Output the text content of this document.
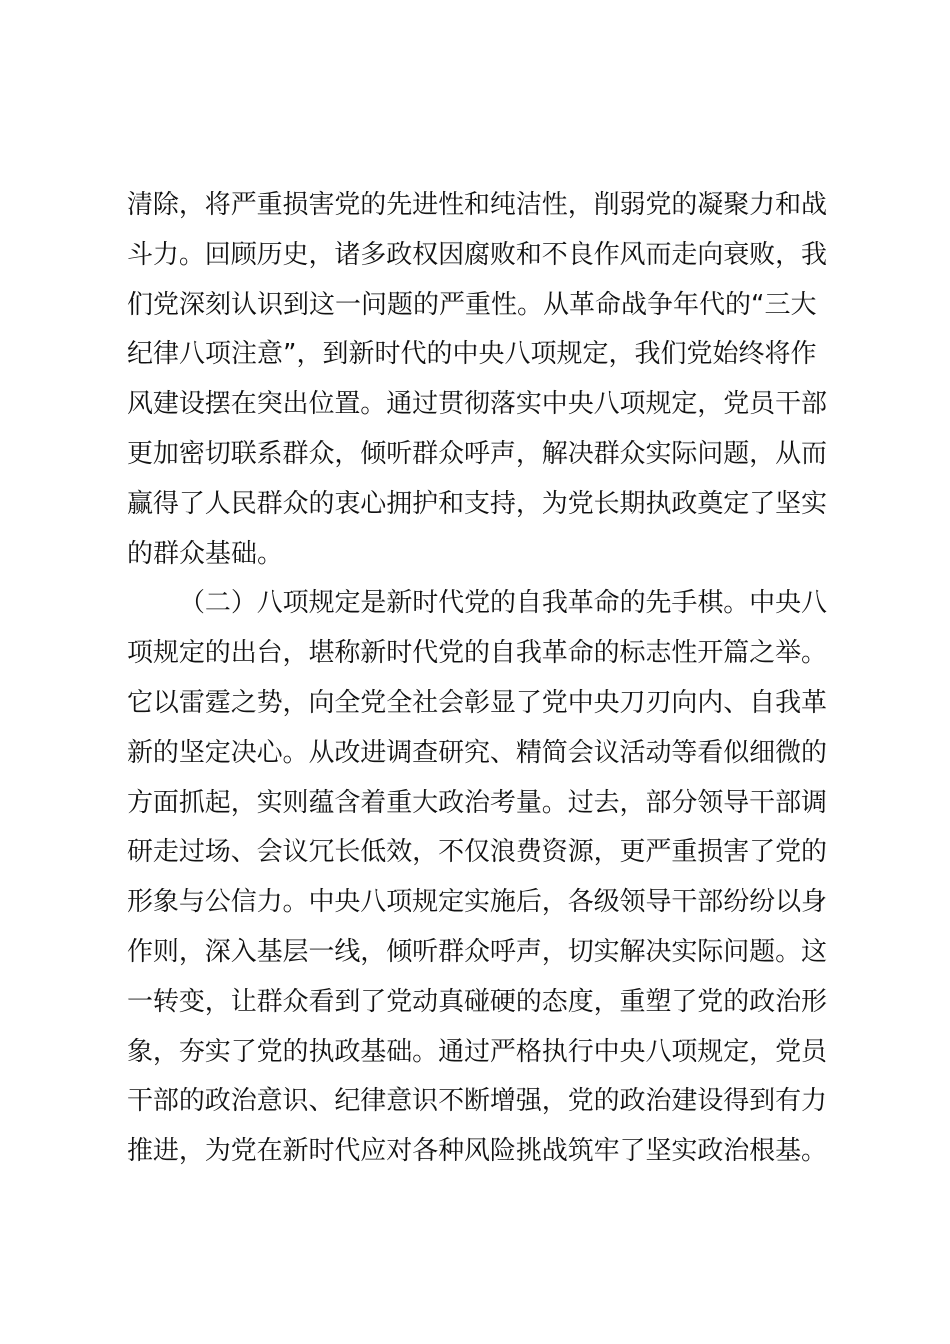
清除，将严重损害党的先进性和纯洁性，削弱党的凝聚力和战
斗力。回顾历史，诸多政权因腐败和不良作风而走向衰败，我
们党深刻认识到这一问题的严重性。从革命战争年代的“三大
纪律八项注意”，到新时代的中央八项规定，我们党始终将作
风建设摆在突出位置。通过贯彻落实中央八项规定，党员干部
更加密切联系群众，倾听群众呼声，解决群众实际问题，从而
赢得了人民群众的衷心拥护和支持，为党长期执政奠定了坚实
的群众基础。
（二）八项规定是新时代党的自我革命的先手棋。中央八
项规定的出台，堪称新时代党的自我革命的标志性开篇之举。
它以雷霆之势，向全党全社会彰显了党中央刀刃向内、自我革
新的坚定决心。从改进调查研究、精简会议活动等看似细微的
方面抓起，实则蕴含着重大政治考量。过去，部分领导干部调
研走过场、会议冗长低效，不仅浪费资源，更严重损害了党的
形象与公信力。中央八项规定实施后，各级领导干部纷纷以身
作则，深入基层一线，倾听群众呼声，切实解决实际问题。这
一转变，让群众看到了党动真碰硬的态度，重塑了党的政治形
象，夯实了党的执政基础。通过严格执行中央八项规定，党员
干部的政治意识、纪律意识不断增强，党的政治建设得到有力
推进，为党在新时代应对各种风险挑战筑牢了坚实政治根基。
